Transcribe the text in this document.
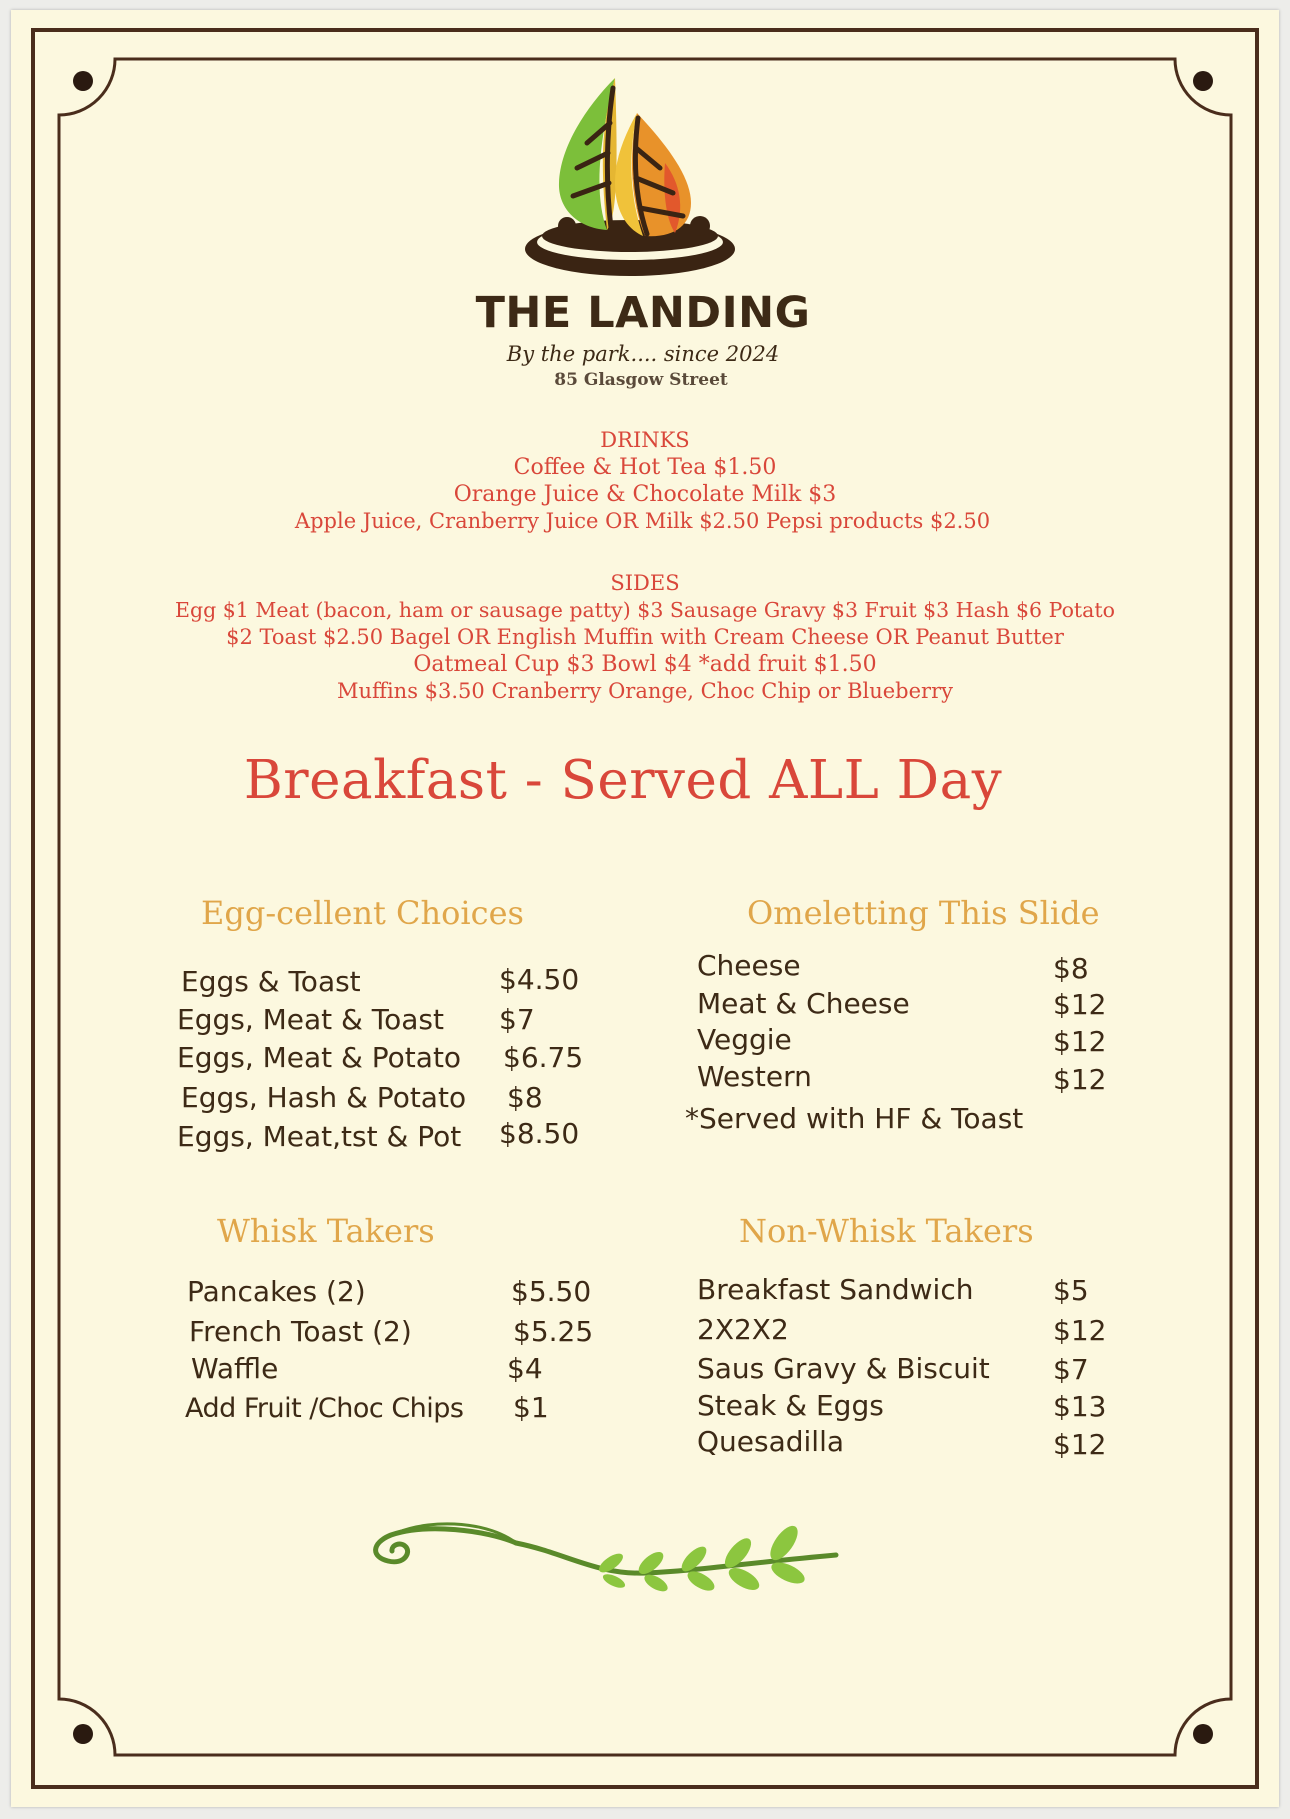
THE LANDING
By the park.... since 2024
85 Glasgow Street
DRINKS
Coffee & Hot Tea $1.50
Orange Juice & Chocolate Milk $3
Apple Juice, Cranberry Juice OR Milk $2.50 Pepsi products $2.50
SIDES
Egg $1 Meat (bacon, ham or sausage patty) $3 Sausage Gravy $3 Fruit $3 Hash $6 Potato
$2 Toast $2.50 Bagel OR English Muffin with Cream Cheese OR Peanut Butter
Oatmeal Cup $3 Bowl $4 *add fruit $1.50
Muffins $3.50 Cranberry Orange, Choc Chip or Blueberry
Breakfast - Served ALL Day
Egg-cellent Choices
Eggs & Toast	$4.50
Eggs, Meat & Toast $7
Eggs, Meat & Potato $6.75
Eggs, Hash & Potato $8
Eggs, Meat,tst & Pot $8.50
Omeletting This Slide
Cheese	$8
Meat & Cheese	$12
Veggie	$12
Western	$12
*Served with HF & Toast
Whisk Takers
Pancakes (2)	$5.50
French Toast (2)	$5.25
Waffle	$4
Add Fruit /Choc Chips $1
Non-Whisk Takers
Breakfast Sandwich	$5
2X2X2	$12
Saus Gravy & Biscuit $7
Steak & Eggs	$13
Quesadilla	$12
